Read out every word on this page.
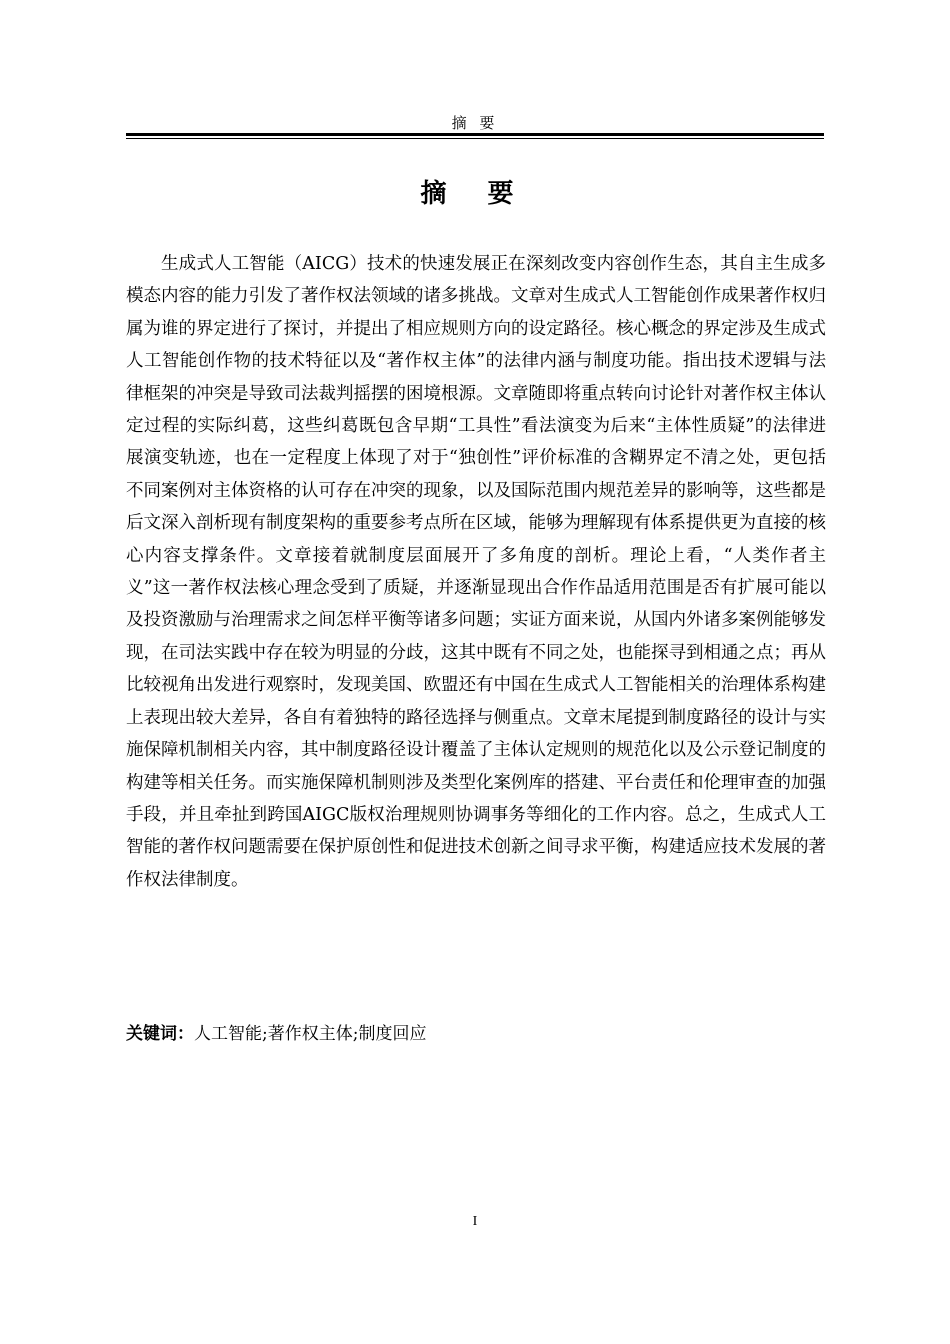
摘 要
摘 要

生成式人工智能（AICG）技术的快速发展正在深刻改变内容创作生态，其自主生成多模态内容的能力引发了著作权法领域的诸多挑战。文章对生成式人工智能创作成果著作权归属为谁的界定进行了探讨，并提出了相应规则方向的设定路径。核心概念的界定涉及生成式人工智能创作物的技术特征以及“著作权主体”的法律内涵与制度功能。指出技术逻辑与法律框架的冲突是导致司法裁判摇摆的困境根源。文章随即将重点转向讨论针对著作权主体认定过程的实际纠葛，这些纠葛既包含早期“工具性”看法演变为后来“主体性质疑”的法律进展演变轨迹，也在一定程度上体现了对于“独创性”评价标准的含糊界定不清之处，更包括不同案例对主体资格的认可存在冲突的现象，以及国际范围内规范差异的影响等，这些都是后文深入剖析现有制度架构的重要参考点所在区域，能够为理解现有体系提供更为直接的核心内容支撑条件。文章接着就制度层面展开了多角度的剖析。理论上看，“人类作者主义”这一著作权法核心理念受到了质疑，并逐渐显现出合作作品适用范围是否有扩展可能以及投资激励与治理需求之间怎样平衡等诸多问题；实证方面来说，从国内外诸多案例能够发现，在司法实践中存在较为明显的分歧，这其中既有不同之处，也能探寻到相通之点；再从比较视角出发进行观察时，发现美国、欧盟还有中国在生成式人工智能相关的治理体系构建上表现出较大差异，各自有着独特的路径选择与侧重点。文章末尾提到制度路径的设计与实施保障机制相关内容，其中制度路径设计覆盖了主体认定规则的规范化以及公示登记制度的构建等相关任务。而实施保障机制则涉及类型化案例库的搭建、平台责任和伦理审查的加强手段，并且牵扯到跨国AIGC版权治理规则协调事务等细化的工作内容。总之，生成式人工智能的著作权问题需要在保护原创性和促进技术创新之间寻求平衡，构建适应技术发展的著作权法律制度。

关键词：人工智能;著作权主体;制度回应
I
